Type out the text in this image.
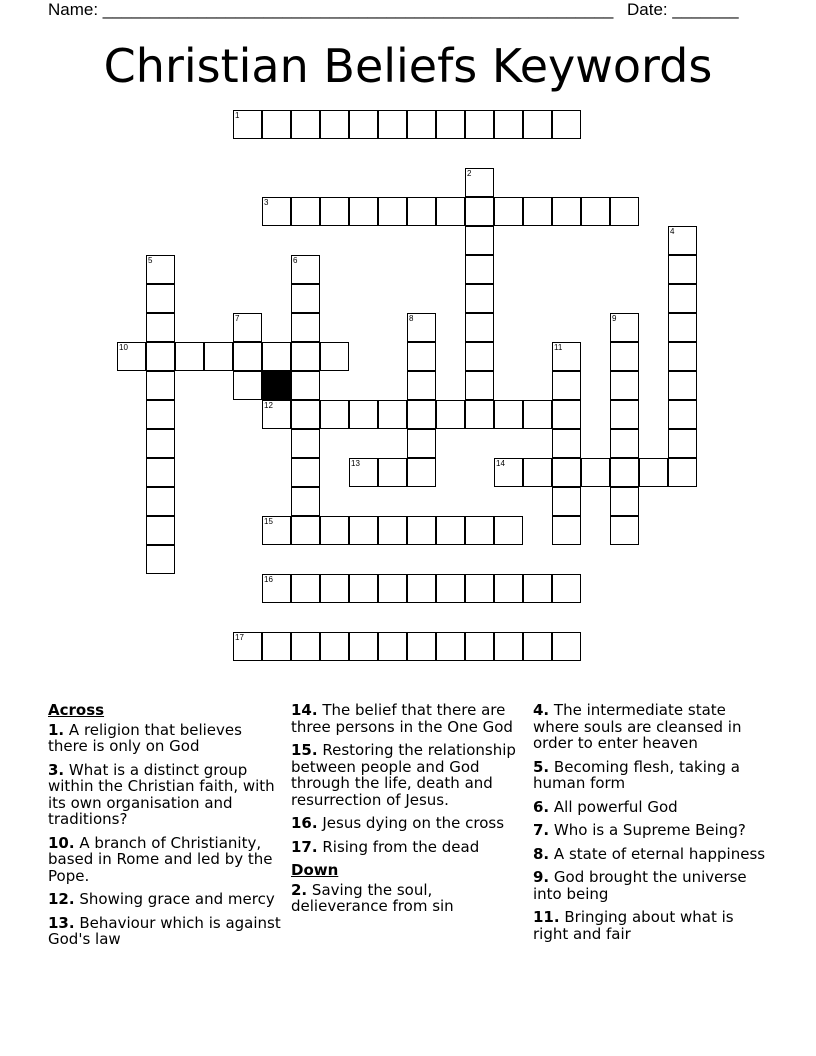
Name: ______________________________________________________ Date: _______
Christian Beliefs Keywords
1
2
3
4
5	6
7	8	9
10	11
12
13	14
15
16
17
Across
1. A religion that believes there is only on God
3. What is a distinct group within the Christian faith, with its own organisation and traditions?
10. A branch of Christianity, based in Rome and led by the Pope.
12. Showing grace and mercy
13. Behaviour which is against God's law
14. The belief that there are three persons in the One God
15. Restoring the relationship between people and God through the life, death and resurrection of Jesus.
16. Jesus dying on the cross
17. Rising from the dead
Down
2. Saving the soul, delieverance from sin
4. The intermediate state where souls are cleansed in order to enter heaven
5. Becoming flesh, taking a human form
6. All powerful God
7. Who is a Supreme Being?
8. A state of eternal happiness
9. God brought the universe into being
11. Bringing about what is right and fair
